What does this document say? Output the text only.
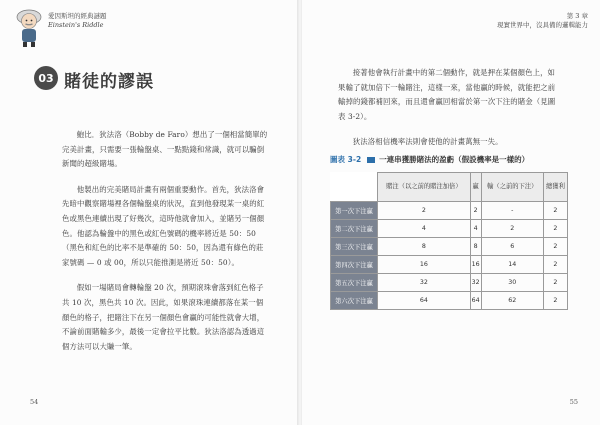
愛因斯坦的經典謎題
Einstein's Riddle
03 賭徒的謬誤

鮑比．狄法洛（Bobby de Faro）想出了一個相當簡單的完美計畫，只需要一張輪盤桌、一點點錢和常識，就可以騙倒新聞的超級賭場。

他製出的完美賭局計畫有兩個重要動作。首先，狄法洛會先暗中觀察賭場裡各個輪盤桌的狀況，直到他發現某一桌的紅色或黑色連續出現了好幾次，這時他就會加入，並賭另一個顏色。他認為輪盤中的黑色或紅色號碼的機率將近是 50：50（黑色和紅色的比率不是準確的 50：50，因為還有綠色的莊家號碼 — 0 或 00，所以只能推測是將近 50：50）。

假如一場賭局會轉輪盤 20 次，預期滾珠會落到紅色格子共 10 次，黑色共 10 次。因此，如果滾珠連續都落在某一個顏色的格子，把賭注下在另一個顏色會贏的可能性就會大增，不論前面賭輸多少，最後一定會拉平比數。狄法洛認為透過這個方法可以大賺一筆。

54
第 3 章
現實世界中，沒具備的邏輯能力
55

接著他會執行計畫中的第二個動作，就是押在某個顏色上，如果輸了就加倍下一輪賭注，這樣一來，當他贏的時候，就能把之前輸掉的錢都補回來，而且還會贏回相當於第一次下注的賭金（見圖表 3-2）。

狄法洛相信機率法則會使他的計畫萬無一失。

圖表 3-2 一連串獲勝賭法的盈虧（假設機率是一樣的）
	賭注（以之前的賭注加倍）	贏	輸（之前的下注）	總獲利
第一次下注贏	2	2	-	2
第二次下注贏	4	4	2	2
第三次下注贏	8	8	6	2
第四次下注贏	16	16	14	2
第五次下注贏	32	32	30	2
第六次下注贏	64	64	62	2
